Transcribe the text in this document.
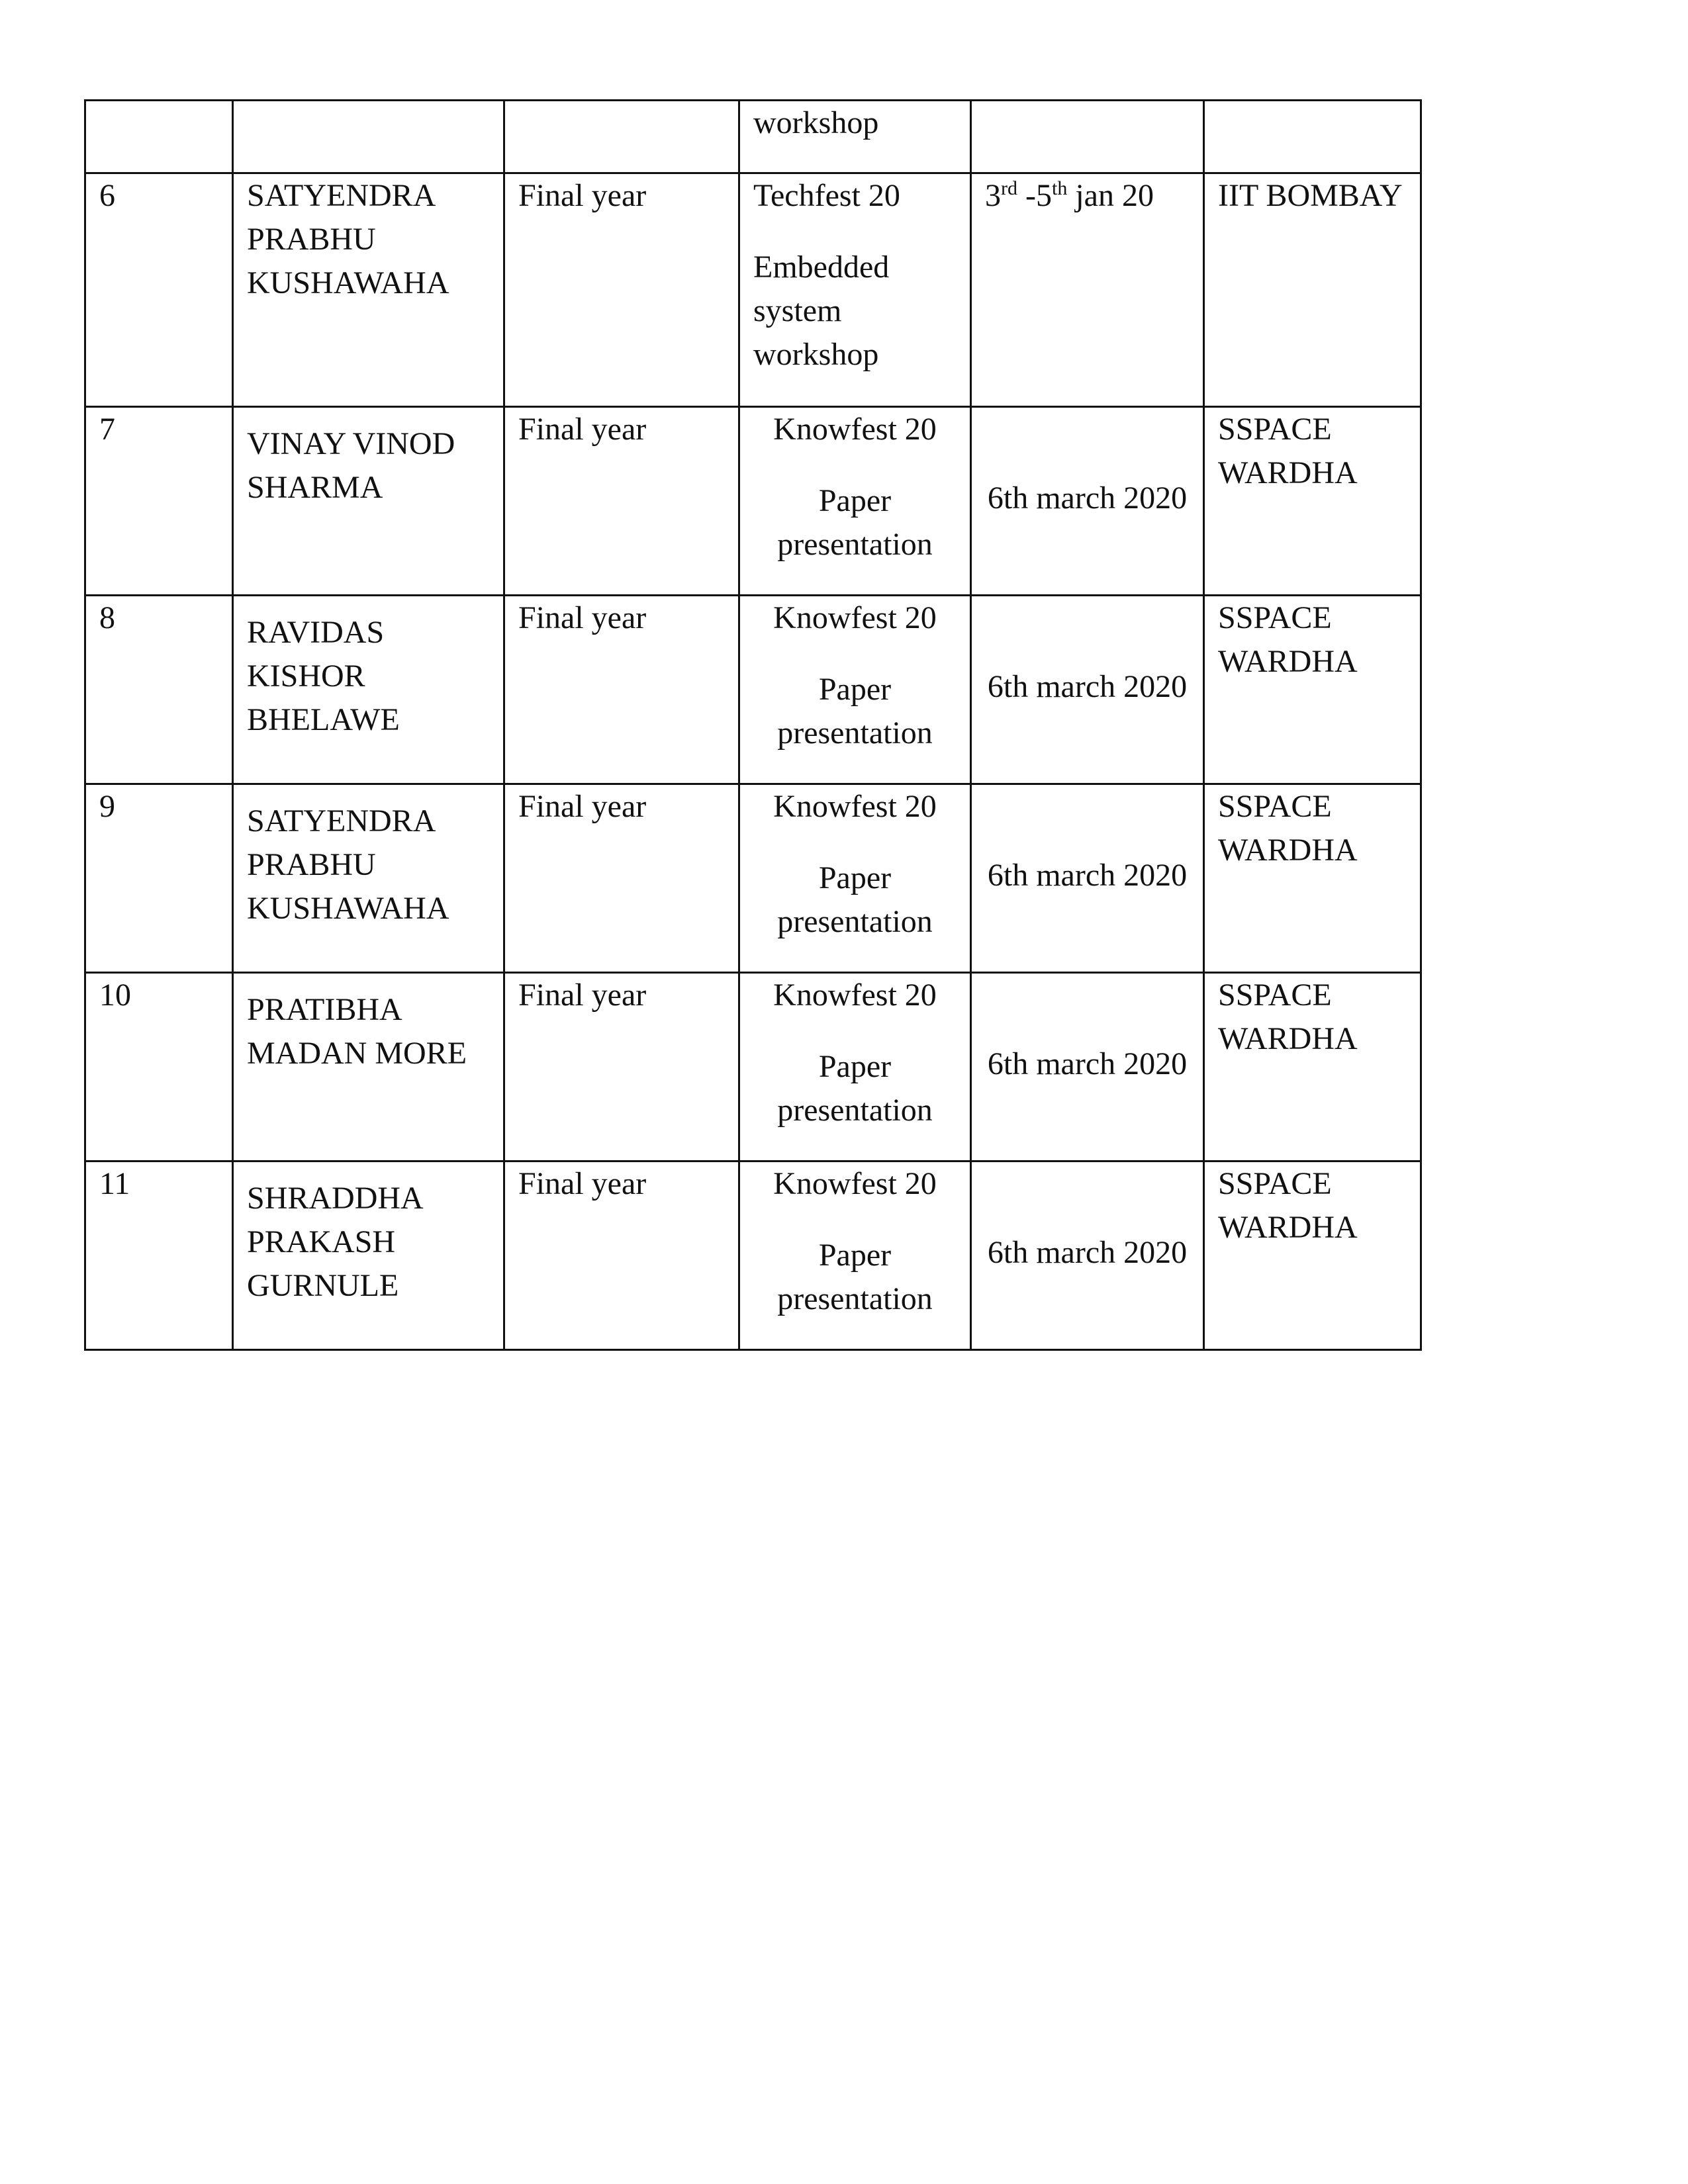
			workshop		

6	SATYENDRA PRABHU KUSHAWAHA	Final year	Techfest 20
Embedded system workshop	3rd -5th jan 20	IIT BOMBAY

7	VINAY VINOD SHARMA	Final year	Knowfest 20
Paper presentation	6th march 2020	SSPACE WARDHA

8	RAVIDAS KISHOR BHELAWE	Final year	Knowfest 20
Paper presentation	6th march 2020	SSPACE WARDHA

9	SATYENDRA PRABHU KUSHAWAHA	Final year	Knowfest 20
Paper presentation	6th march 2020	SSPACE WARDHA

10	PRATIBHA MADAN MORE	Final year	Knowfest 20
Paper presentation	6th march 2020	SSPACE WARDHA

11	SHRADDHA PRAKASH GURNULE	Final year	Knowfest 20
Paper presentation	6th march 2020	SSPACE WARDHA
